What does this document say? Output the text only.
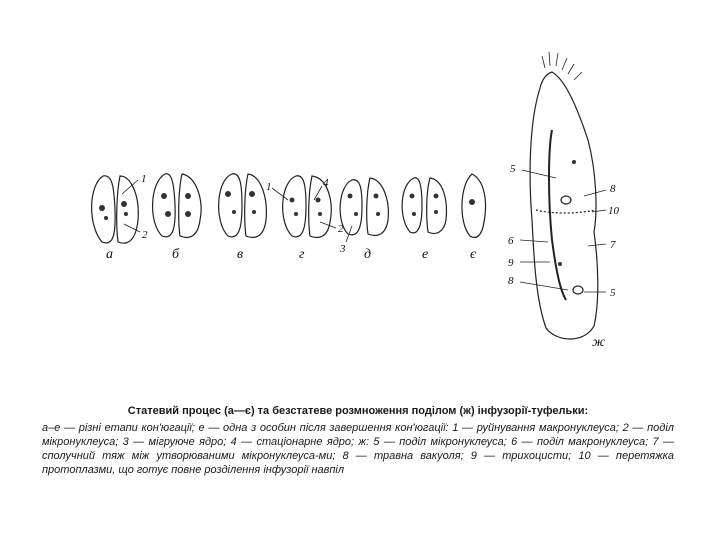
а	б	в	г	д	е	є
ж
1
2
1	4
2
3
5
8
10
6	7
9
8
5

Статевий процес (а—є) та безстатеве розмноження поділом (ж) інфузорії-туфельки:

а–е — різні етапи кон'югації; е — одна з особин після завершення кон'югації: 1 — руйнування макронуклеуса; 2 — поділ мікронуклеуса; 3 — мігруюче ядро; 4 — стаціонарне ядро; ж: 5 — поділ мікронуклеуса; 6 — поділ макронуклеуса; 7 — сполучний тяж між утворюваними мікронуклеуса-ми; 8 — травна вакуоля; 9 — трихоцисти; 10 — перетяжка протоплазми, що готує повне розділення інфузорії навпіл
